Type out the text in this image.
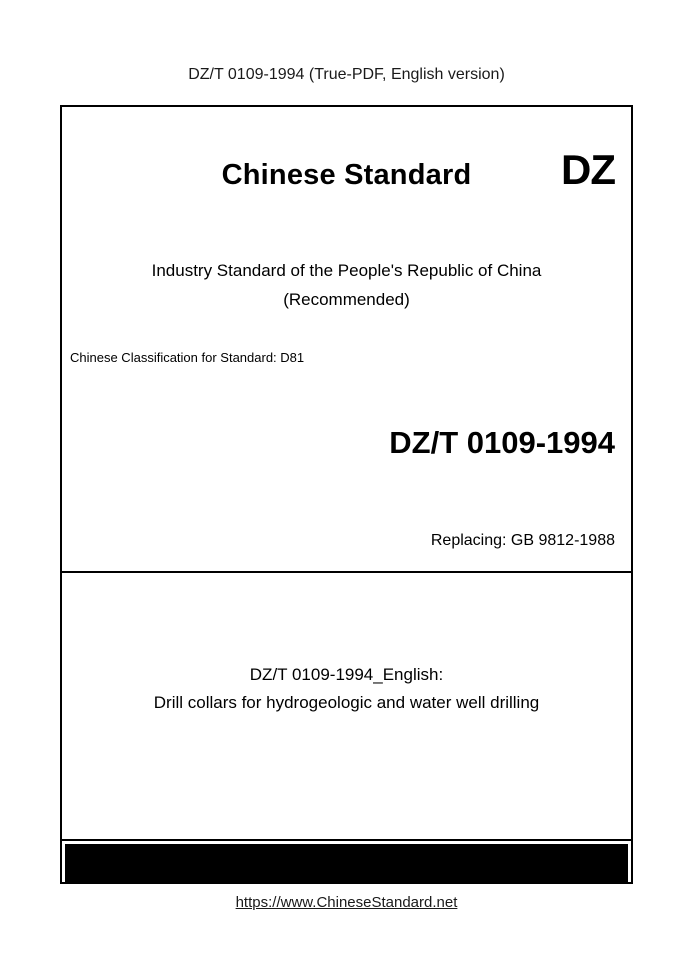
DZ/T 0109-1994 (True-PDF, English version)
Chinese Standard	DZ
Industry Standard of the People's Republic of China
(Recommended)
Chinese Classification for Standard: D81
DZ/T 0109-1994
Replacing: GB 9812-1988
DZ/T 0109-1994_English:
Drill collars for hydrogeologic and water well drilling
https://www.ChineseStandard.net
